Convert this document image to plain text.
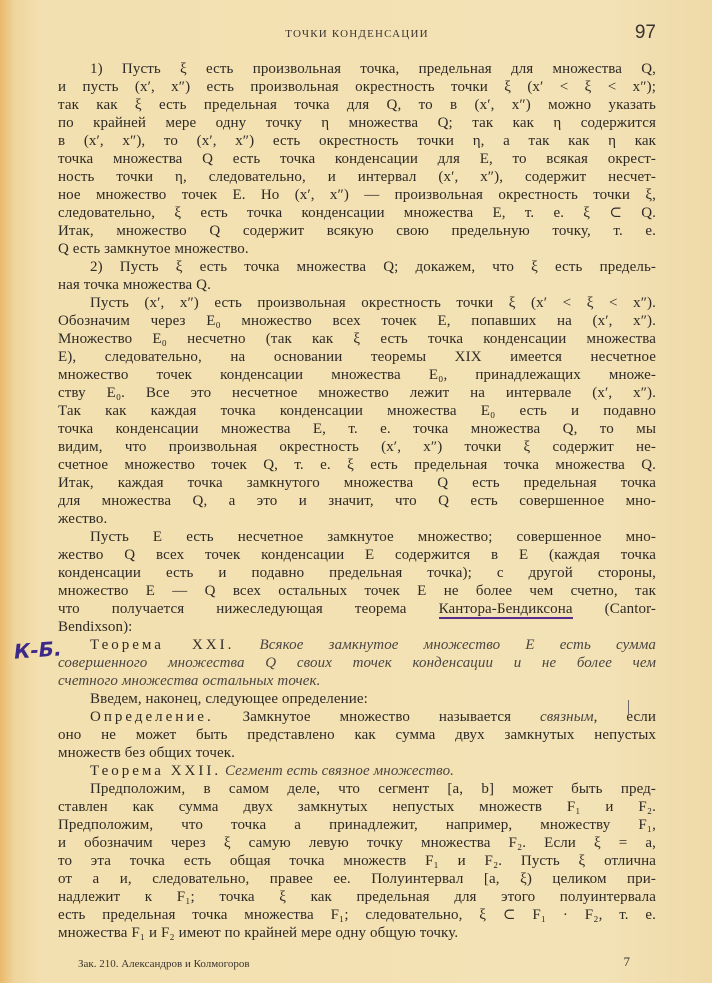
ТОЧКИ КОНДЕНСАЦИИ	97
К-Б.
1) Пусть ξ есть произвольная точка, предельная для множества Q,
и пусть (x′, x″) есть произвольная окрестность точки ξ (x′ < ξ < x″);
так как ξ есть предельная точка для Q, то в (x′, x″) можно указать
по крайней мере одну точку η множества Q; так как η содержится
в (x′, x″), то (x′, x″) есть окрестность точки η, а так как η как
точка множества Q есть точка конденсации для E, то всякая окрест-
ность точки η, следовательно, и интервал (x′, x″), содержит несчет-
ное множество точек E. Но (x′, x″) — произвольная окрестность точки ξ,
следовательно, ξ есть точка конденсации множества E, т. е. ξ ⊂ Q.
Итак, множество Q содержит всякую свою предельную точку, т. е.
Q есть замкнутое множество.
2) Пусть ξ есть точка множества Q; докажем, что ξ есть предель-
ная точка множества Q.
Пусть (x′, x″) есть произвольная окрестность точки ξ (x′ < ξ < x″).
Обозначим через E₀ множество всех точек E, попавших на (x′, x″).
Множество E₀ несчетно (так как ξ есть точка конденсации множества
E), следовательно, на основании теоремы XIX имеется несчетное
множество точек конденсации множества E₀, принадлежащих множе-
ству E₀. Все это несчетное множество лежит на интервале (x′, x″).
Так как каждая точка конденсации множества E₀ есть и подавно
точка конденсации множества E, т. е. точка множества Q, то мы
видим, что произвольная окрестность (x′, x″) точки ξ содержит не-
счетное множество точек Q, т. е. ξ есть предельная точка множества Q.
Итак, каждая точка замкнутого множества Q есть предельная точка
для множества Q, а это и значит, что Q есть совершенное мно-
жество.
Пусть E есть несчетное замкнутое множество; совершенное мно-
жество Q всех точек конденсации E содержится в E (каждая точка
конденсации есть и подавно предельная точка); с другой стороны,
множество E — Q всех остальных точек E не более чем счетно, так
что получается нижеследующая теорема Кантора-Бендиксона (Cantor-
Bendixson):
Теорема XXI. Всякое замкнутое множество E есть сумма
совершенного множества Q своих точек конденсации и не более чем
счетного множества остальных точек.
Введем, наконец, следующее определение:
Определение. Замкнутое множество называется связным, если
оно не может быть представлено как сумма двух замкнутых непустых
множеств без общих точек.
Теорема XXII. Сегмент есть связное множество.
Предположим, в самом деле, что сегмент [a, b] может быть пред-
ставлен как сумма двух замкнутых непустых множеств F₁ и F₂.
Предположим, что точка a принадлежит, например, множеству F₁,
и обозначим через ξ самую левую точку множества F₂. Если ξ = a,
то эта точка есть общая точка множеств F₁ и F₂. Пусть ξ отлична
от a и, следовательно, правее ее. Полуинтервал [a, ξ) целиком при-
надлежит к F₁; точка ξ как предельная для этого полуинтервала
есть предельная точка множества F₁; следовательно, ξ ⊂ F₁ · F₂, т. е.
множества F₁ и F₂ имеют по крайней мере одну общую точку.
Зак. 210. Александров и Колмогоров	7
